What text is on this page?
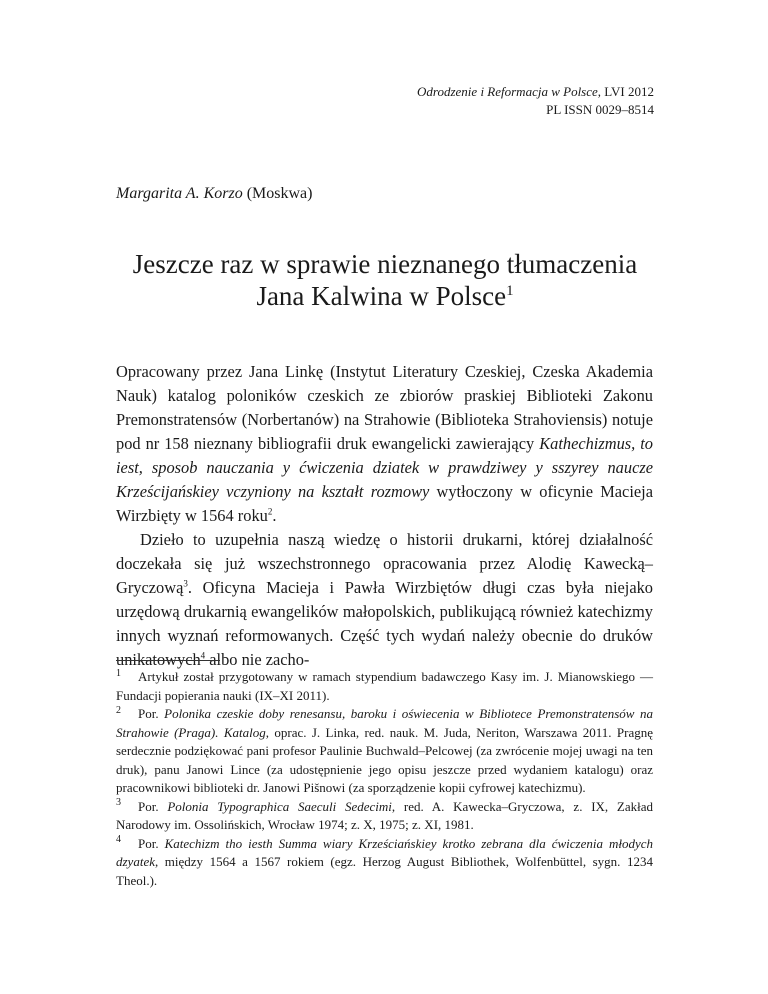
Odrodzenie i Reformacja w Polsce, LVI 2012
PL ISSN 0029–8514
Margarita A. Korzo (Moskwa)
Jeszcze raz w sprawie nieznanego tłumaczenia
Jana Kalwina w Polsce$^1$

Opracowany przez Jana Linkę (Instytut Literatury Czeskiej, Czeska Akademia Nauk) katalog poloników czeskich ze zbiorów praskiej Biblioteki Zakonu Premonstratensów (Norbertanów) na Strahowie (Biblioteka Strahoviensis) notuje pod nr 158 nieznany bibliografii druk ewangelicki zawierający Kathechizmus, to iest, sposob nauczania y ćwiczenia dziatek w prawdziwey y sszyrey naucze Krześcijańskiey vczyniony na kształt rozmowy wytłoczony w oficynie Macieja Wirzbięty w 1564 roku$^2$.

Dzieło to uzupełnia naszą wiedzę o historii drukarni, której działalność doczekała się już wszechstronnego opracowania przez Alodię Kawecką–Gryczową$^3$. Oficyna Macieja i Pawła Wirzbiętów długi czas była niejako urzędową drukarnią ewangelików małopolskich, publikującą również katechizmy innych wyznań reformowanych. Część tych wydań należy obecnie do druków unikatowych$^4$ albo nie zacho-

1 Artykuł został przygotowany w ramach stypendium badawczego Kasy im. J. Mianowskiego — Fundacji popierania nauki (IX–XI 2011).

2 Por. Polonika czeskie doby renesansu, baroku i oświecenia w Bibliotece Premonstratensów na Strahowie (Praga). Katalog, oprac. J. Linka, red. nauk. M. Juda, Neriton, Warszawa 2011. Pragnę serdecznie podziękować pani profesor Paulinie Buchwald–Pelcowej (za zwrócenie mojej uwagi na ten druk), panu Janowi Lince (za udostępnienie jego opisu jeszcze przed wydaniem katalogu) oraz pracownikowi biblioteki dr. Janowi Pišnowi (za sporządzenie kopii cyfrowej katechizmu).

3 Por. Polonia Typographica Saeculi Sedecimi, red. A. Kawecka–Gryczowa, z. IX, Zakład Narodowy im. Ossolińskich, Wrocław 1974; z. X, 1975; z. XI, 1981.

4 Por. Katechizm tho iesth Summa wiary Krześciańskiey krotko zebrana dla ćwiczenia młodych dzyatek, między 1564 a 1567 rokiem (egz. Herzog August Bibliothek, Wolfenbüttel, sygn. 1234 Theol.).
